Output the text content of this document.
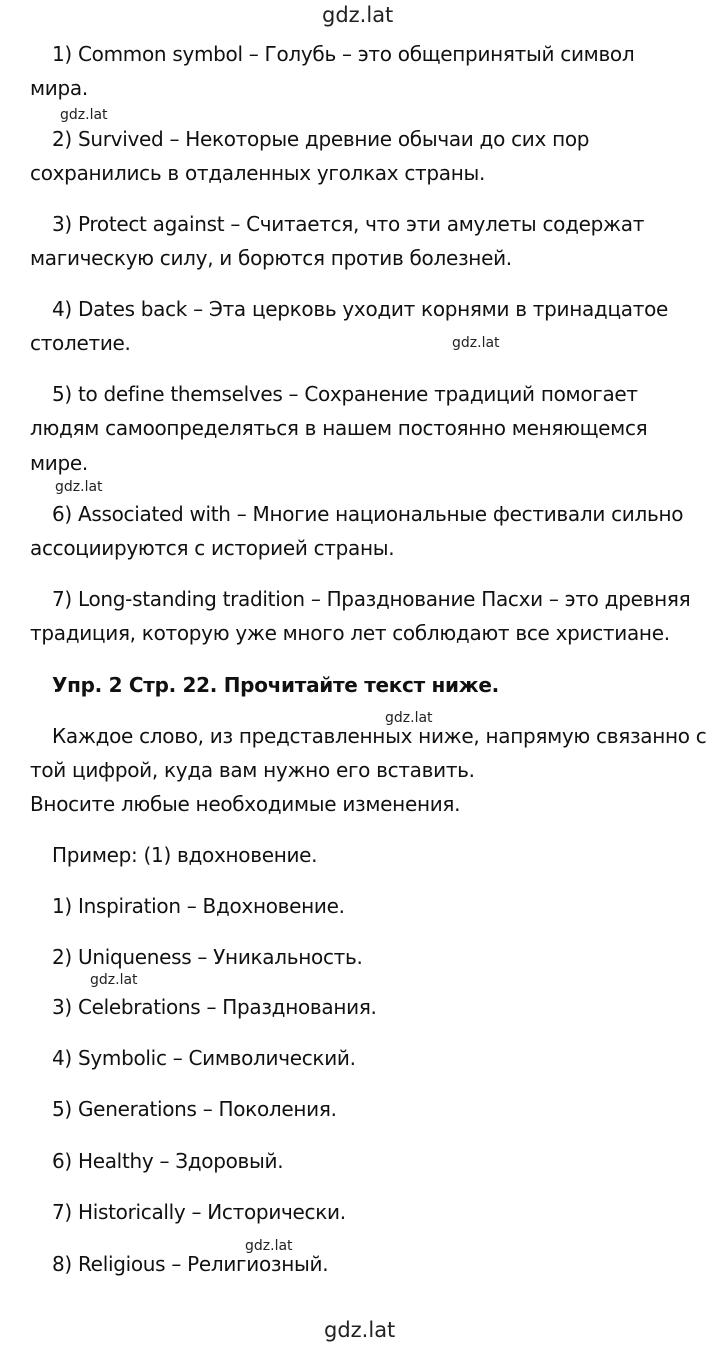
gdz.lat
gdz.lat
gdz.lat
gdz.lat
gdz.lat
gdz.lat
gdz.lat
gdz.lat
1) Common symbol – Голубь – это общепринятый символ
мира.
2) Survived – Некоторые древние обычаи до сих пор
сохранились в отдаленных уголках страны.
3) Protect against – Считается, что эти амулеты содержат
магическую силу, и борются против болезней.
4) Dates back – Эта церковь уходит корнями в тринадцатое
столетие.
5) to define themselves – Сохранение традиций помогает
людям самоопределяться в нашем постоянно меняющемся
мире.
6) Associated with – Многие национальные фестивали сильно
ассоциируются с историей страны.
7) Long-standing tradition – Празднование Пасхи – это древняя
традиция, которую уже много лет соблюдают все христиане.
Упр. 2 Стр. 22. Прочитайте текст ниже.
Каждое слово, из представленных ниже, напрямую связанно с
той цифрой, куда вам нужно его вставить.
Вносите любые необходимые изменения.
Пример: (1) вдохновение.
1) Inspiration – Вдохновение.
2) Uniqueness – Уникальность.
3) Celebrations – Празднования.
4) Symbolic – Символический.
5) Generations – Поколения.
6) Healthy – Здоровый.
7) Historically – Исторически.
8) Religious – Религиозный.
